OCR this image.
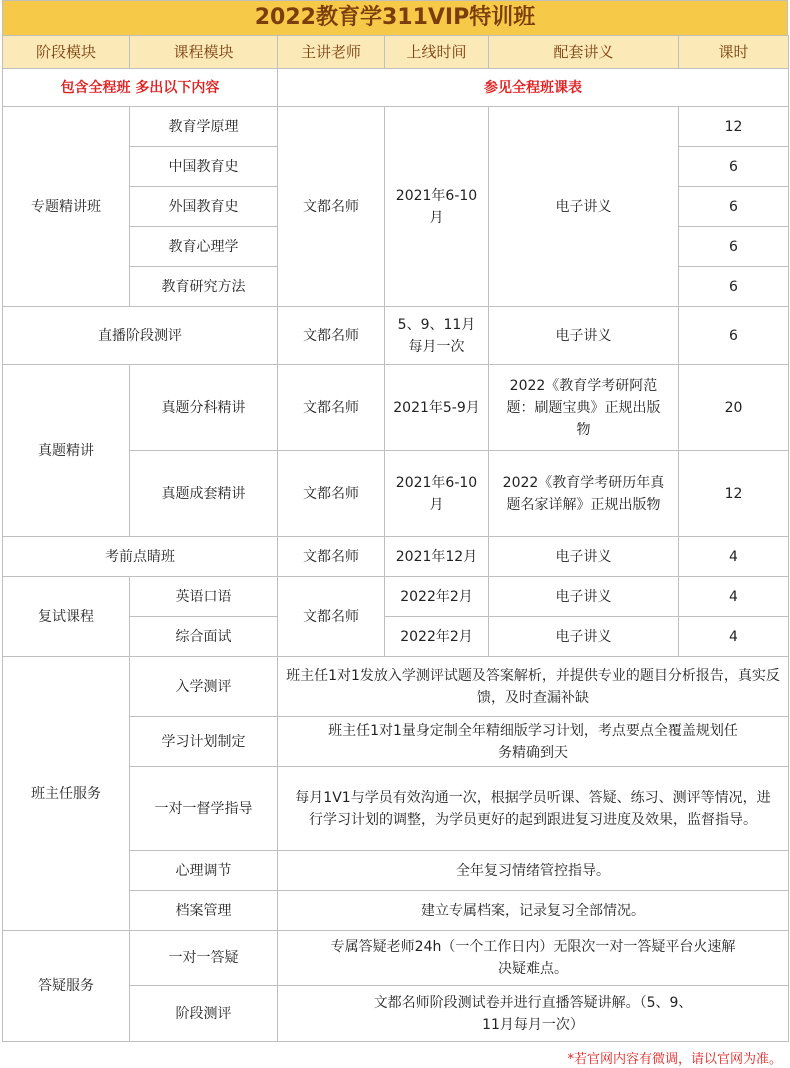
2022教育学311VIP特训班
阶段模块	课程模块	主讲老师	上线时间	配套讲义	课时
包含全程班 多出以下内容		参见全程班课表			
专题精讲班	教育学原理	文都名师	2021年6-10月	电子讲义	12
	中国教育史				6
	外国教育史				6
	教育心理学				6
	教育研究方法				6
直播阶段测评		文都名师	5、9、11月每月一次	电子讲义	6
真题精讲	真题分科精讲	文都名师	2021年5-9月	2022《教育学考研阿范题：刷题宝典》正规出版物	20
	真题成套精讲	文都名师	2021年6-10月	2022《教育学考研历年真题名家详解》正规出版物	12
考前点睛班		文都名师	2021年12月	电子讲义	4
复试课程	英语口语	文都名师	2022年2月	电子讲义	4
	综合面试		2022年2月	电子讲义	4
班主任服务	入学测评	班主任1对1发放入学测评试题及答案解析，并提供专业的题目分析报告，真实反馈，及时查漏补缺			
	学习计划制定	班主任1对1量身定制全年精细版学习计划，考点要点全覆盖规划任务精确到天			
	一对一督学指导	每月1V1与学员有效沟通一次，根据学员听课、答疑、练习、测评等情况，进行学习计划的调整，为学员更好的起到跟进复习进度及效果，监督指导。			
	心理调节	全年复习情绪管控指导。			
	档案管理	建立专属档案，记录复习全部情况。			
答疑服务	一对一答疑	专属答疑老师24h（一个工作日内）无限次一对一答疑平台火速解决疑难点。			
	阶段测评	文都名师阶段测试卷并进行直播答疑讲解。（5、9、11月每月一次）			
*若官网内容有微调，请以官网为准。
